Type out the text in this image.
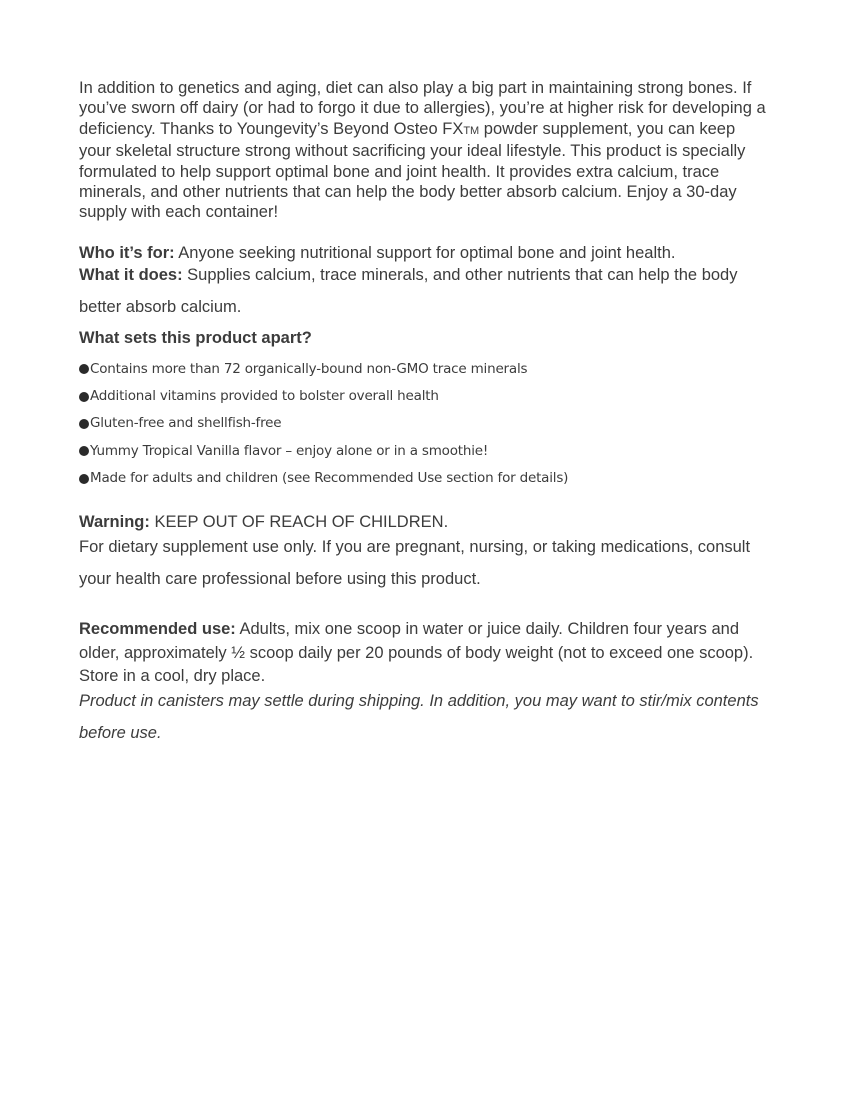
In addition to genetics and aging, diet can also play a big part in maintaining strong bones. If you’ve sworn off dairy (or had to forgo it due to allergies), you’re at higher risk for developing a deficiency. Thanks to Youngevity’s Beyond Osteo FXTM powder supplement, you can keep your skeletal structure strong without sacrificing your ideal lifestyle. This product is specially formulated to help support optimal bone and joint health. It provides extra calcium, trace minerals, and other nutrients that can help the body better absorb calcium. Enjoy a 30-day supply with each container!

Who it’s for: Anyone seeking nutritional support for optimal bone and joint health.

What it does: Supplies calcium, trace minerals, and other nutrients that can help the body better absorb calcium.

What sets this product apart?
Contains more than 72 organically-bound non-GMO trace minerals
Additional vitamins provided to bolster overall health
Gluten-free and shellfish-free
Yummy Tropical Vanilla flavor – enjoy alone or in a smoothie!
Made for adults and children (see Recommended Use section for details)

Warning: KEEP OUT OF REACH OF CHILDREN.

For dietary supplement use only. If you are pregnant, nursing, or taking medications, consult your health care professional before using this product.

Recommended use: Adults, mix one scoop in water or juice daily. Children four years and older, approximately ½ scoop daily per 20 pounds of body weight (not to exceed one scoop). Store in a cool, dry place.

Product in canisters may settle during shipping. In addition, you may want to stir/mix contents before use.
